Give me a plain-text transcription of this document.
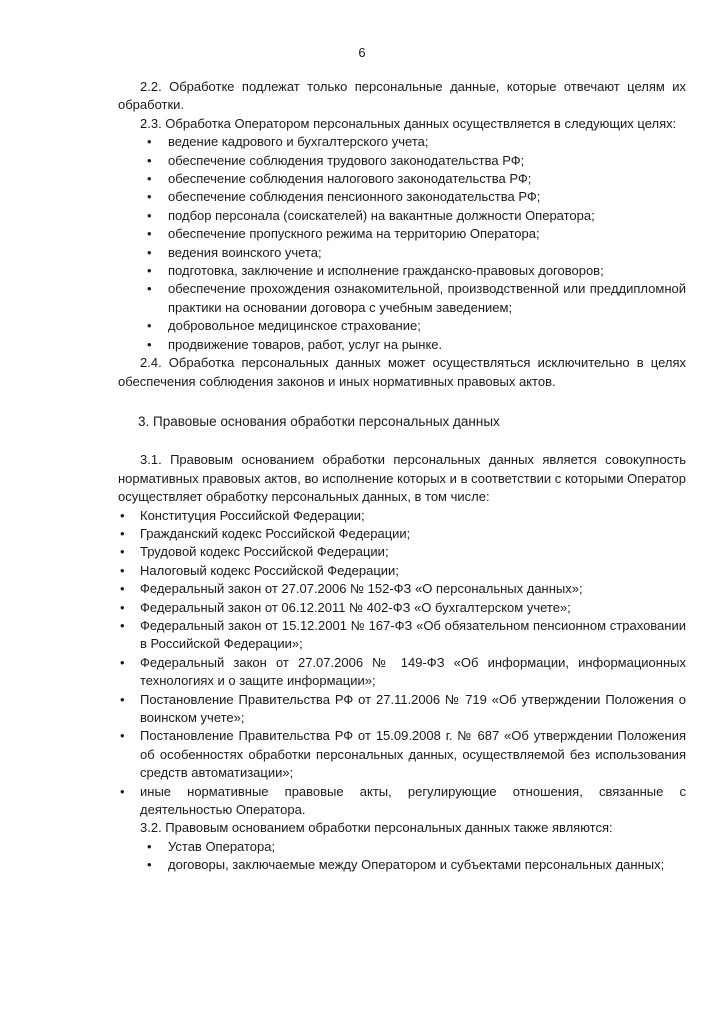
6

2.2. Обработке подлежат только персональные данные, которые отвечают целям их обработки.

2.3. Обработка Оператором персональных данных осуществляется в следующих целях:

• ведение кадрового и бухгалтерского учета;
• обеспечение соблюдения трудового законодательства РФ;
• обеспечение соблюдения налогового законодательства РФ;
• обеспечение соблюдения пенсионного законодательства РФ;
• подбор персонала (соискателей) на вакантные должности Оператора;
• обеспечение пропускного режима на территорию Оператора;
• ведения воинского учета;
• подготовка, заключение и исполнение гражданско-правовых договоров;
• обеспечение прохождения ознакомительной, производственной или преддипломной практики на основании договора с учебным заведением;
• добровольное медицинское страхование;
• продвижение товаров, работ, услуг на рынке.

2.4. Обработка персональных данных может осуществляться исключительно в целях обеспечения соблюдения законов и иных нормативных правовых актов.

3. Правовые основания обработки персональных данных

3.1. Правовым основанием обработки персональных данных является совокупность нормативных правовых актов, во исполнение которых и в соответствии с которыми Оператор осуществляет обработку персональных данных, в том числе:

• Конституция Российской Федерации;
• Гражданский кодекс Российской Федерации;
• Трудовой кодекс Российской Федерации;
• Налоговый кодекс Российской Федерации;
• Федеральный закон от 27.07.2006 № 152-ФЗ «О персональных данных»;
• Федеральный закон от 06.12.2011 № 402-ФЗ «О бухгалтерском учете»;
• Федеральный закон от 15.12.2001 № 167-ФЗ «Об обязательном пенсионном страховании в Российской Федерации»;
• Федеральный закон от 27.07.2006 № 149-ФЗ «Об информации, информационных технологиях и о защите информации»;
• Постановление Правительства РФ от 27.11.2006 № 719 «Об утверждении Положения о воинском учете»;
• Постановление Правительства РФ от 15.09.2008 г. № 687 «Об утверждении Положения об особенностях обработки персональных данных, осуществляемой без использования средств автоматизации»;
• иные нормативные правовые акты, регулирующие отношения, связанные с деятельностью Оператора.

3.2. Правовым основанием обработки персональных данных также являются:

• Устав Оператора;
• договоры, заключаемые между Оператором и субъектами персональных данных;
